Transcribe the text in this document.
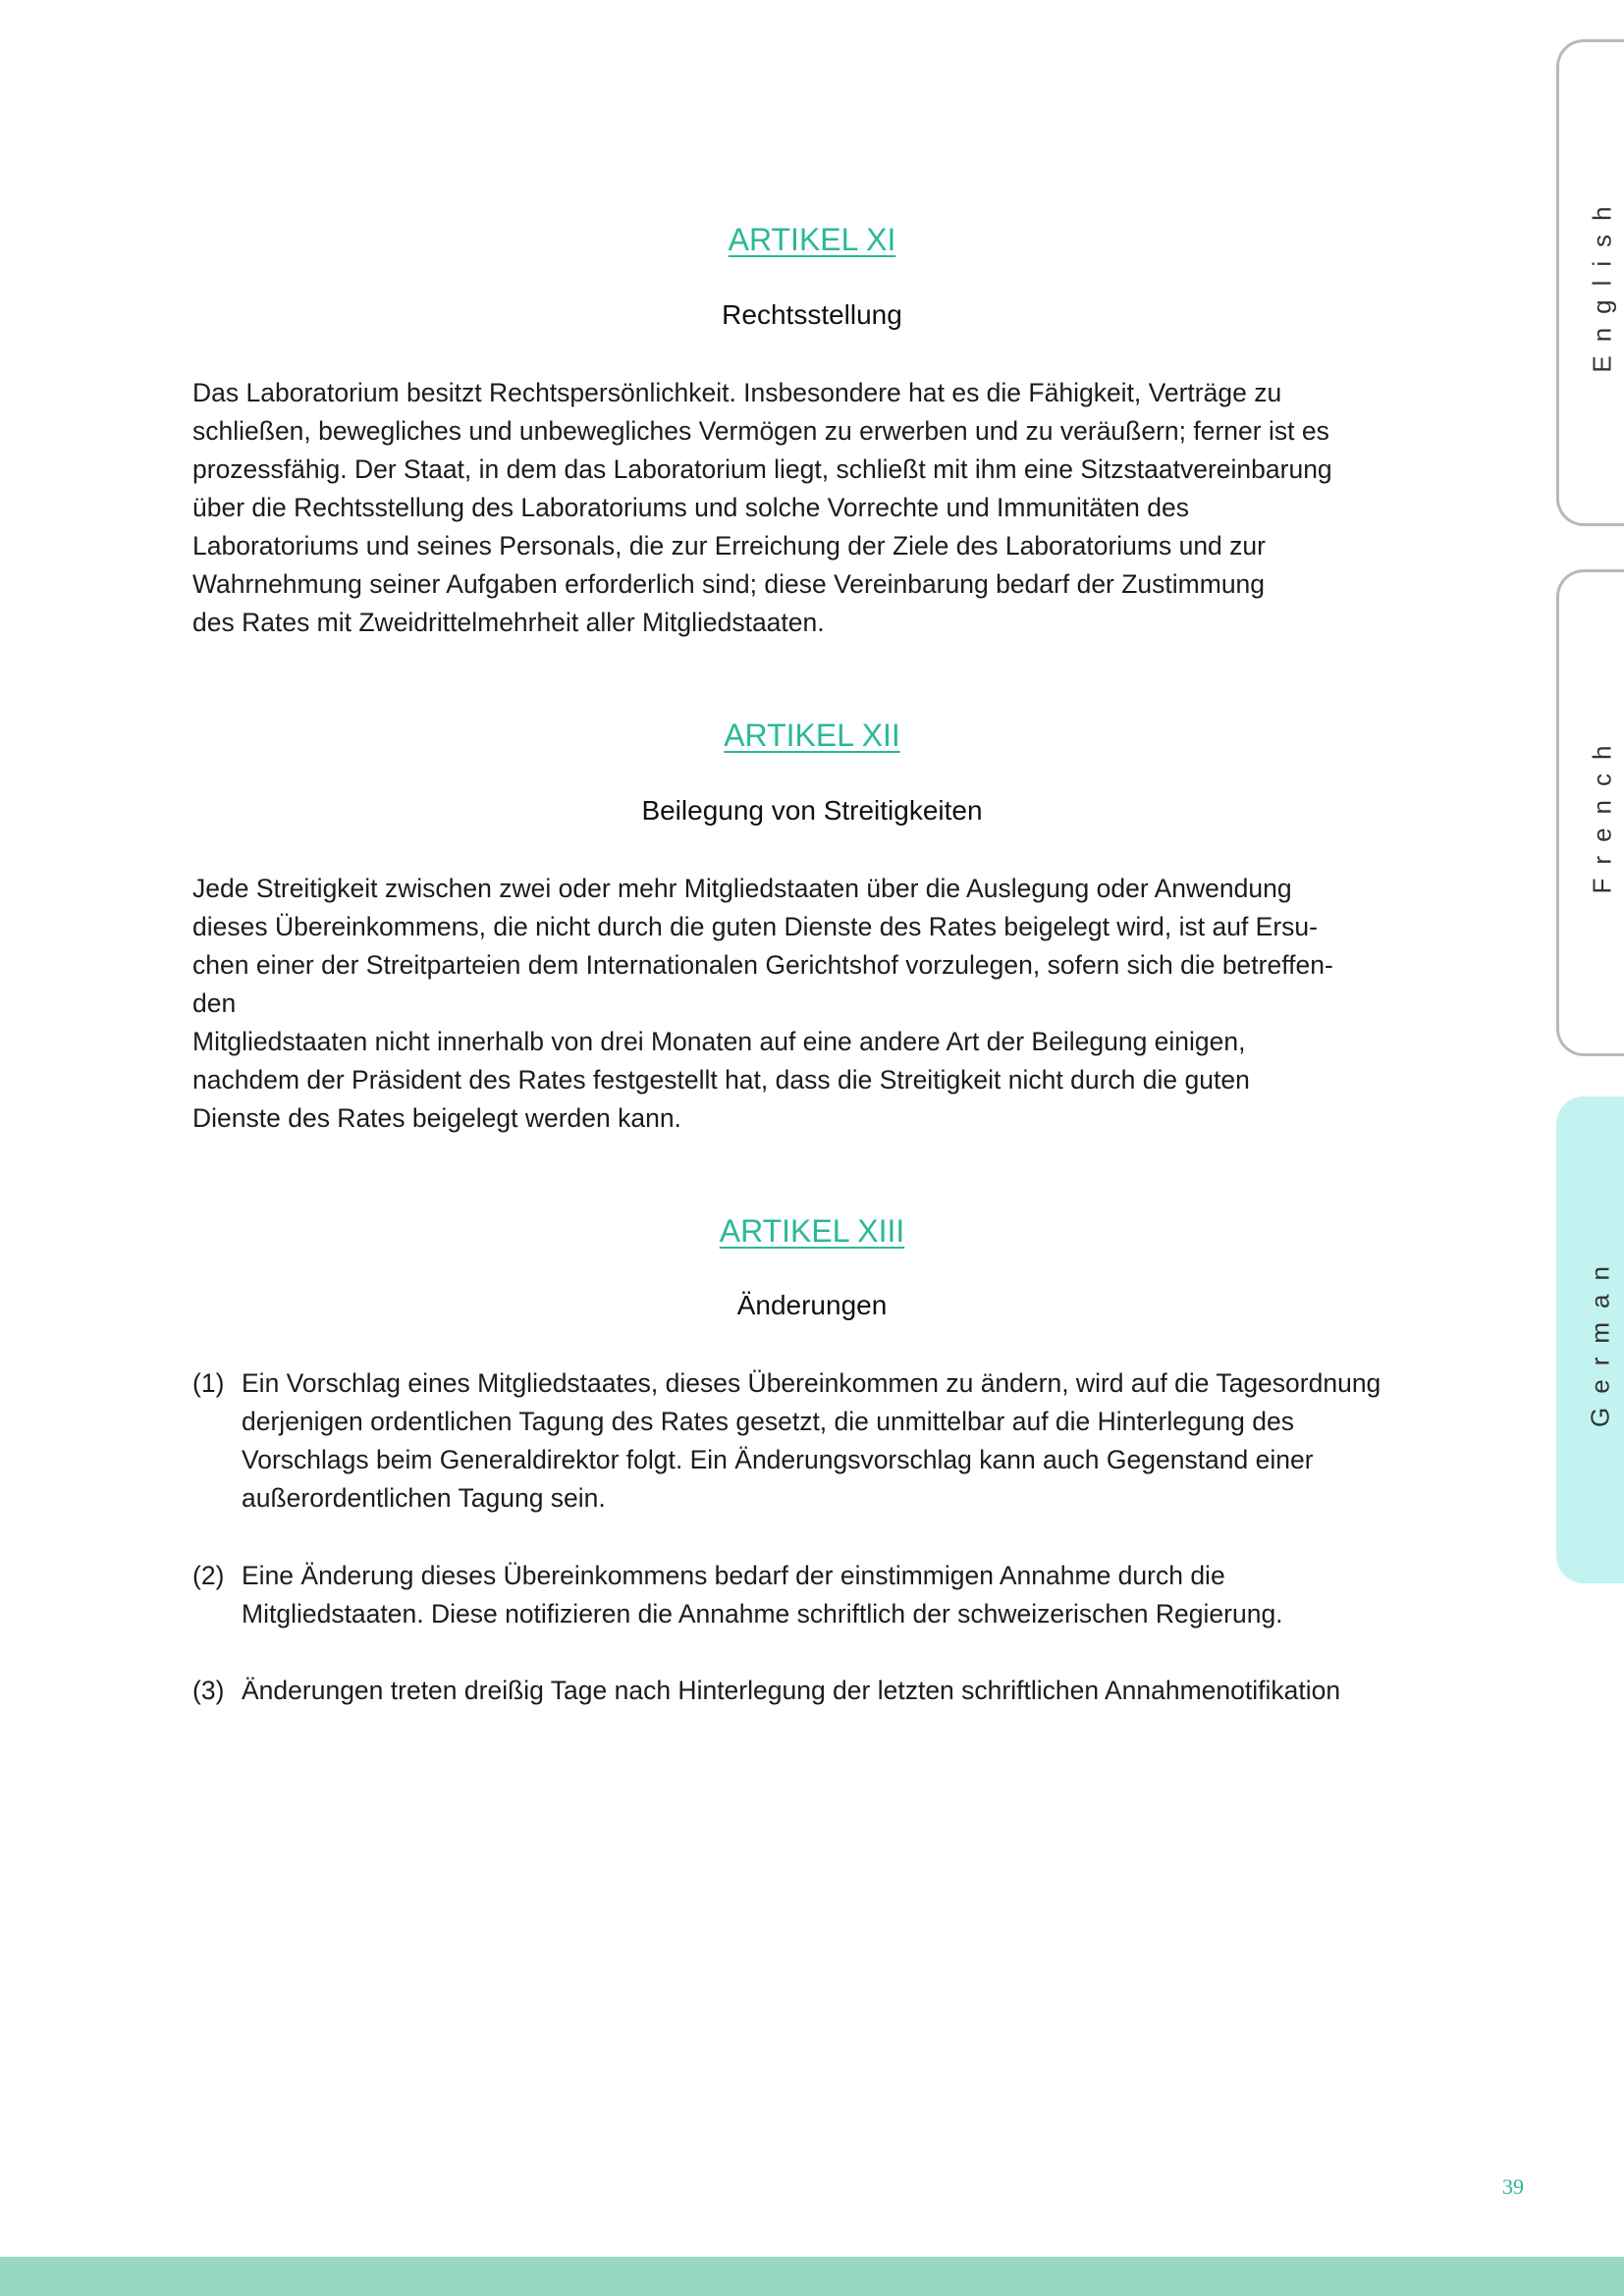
ARTIKEL XI
Rechtsstellung
Das Laboratorium besitzt Rechtspersönlichkeit. Insbesondere hat es die Fähigkeit, Verträge zu
schließen, bewegliches und unbewegliches Vermögen zu erwerben und zu veräußern; ferner ist es
prozessfähig. Der Staat, in dem das Laboratorium liegt, schließt mit ihm eine Sitzstaatvereinbarung
über die Rechtsstellung des Laboratoriums und solche Vorrechte und Immunitäten des
Laboratoriums und seines Personals, die zur Erreichung der Ziele des Laboratoriums und zur
Wahrnehmung seiner Aufgaben erforderlich sind; diese Vereinbarung bedarf der Zustimmung
des Rates mit Zweidrittelmehrheit aller Mitgliedstaaten.
ARTIKEL XII
Beilegung von Streitigkeiten
Jede Streitigkeit zwischen zwei oder mehr Mitgliedstaaten über die Auslegung oder Anwendung
dieses Übereinkommens, die nicht durch die guten Dienste des Rates beigelegt wird, ist auf Ersu-
chen einer der Streitparteien dem Internationalen Gerichtshof vorzulegen, sofern sich die betreffen-
den
Mitgliedstaaten nicht innerhalb von drei Monaten auf eine andere Art der Beilegung einigen,
nachdem der Präsident des Rates festgestellt hat, dass die Streitigkeit nicht durch die guten
Dienste des Rates beigelegt werden kann.
ARTIKEL XIII
Änderungen
(1) Ein Vorschlag eines Mitgliedstaates, dieses Übereinkommen zu ändern, wird auf die Tagesordnung
derjenigen ordentlichen Tagung des Rates gesetzt, die unmittelbar auf die Hinterlegung des
Vorschlags beim Generaldirektor folgt. Ein Änderungsvorschlag kann auch Gegenstand einer
außerordentlichen Tagung sein.
(2) Eine Änderung dieses Übereinkommens bedarf der einstimmigen Annahme durch die
Mitgliedstaaten. Diese notifizieren die Annahme schriftlich der schweizerischen Regierung.
(3) Änderungen treten dreißig Tage nach Hinterlegung der letzten schriftlichen Annahmenotifikation
English
French
German
39
